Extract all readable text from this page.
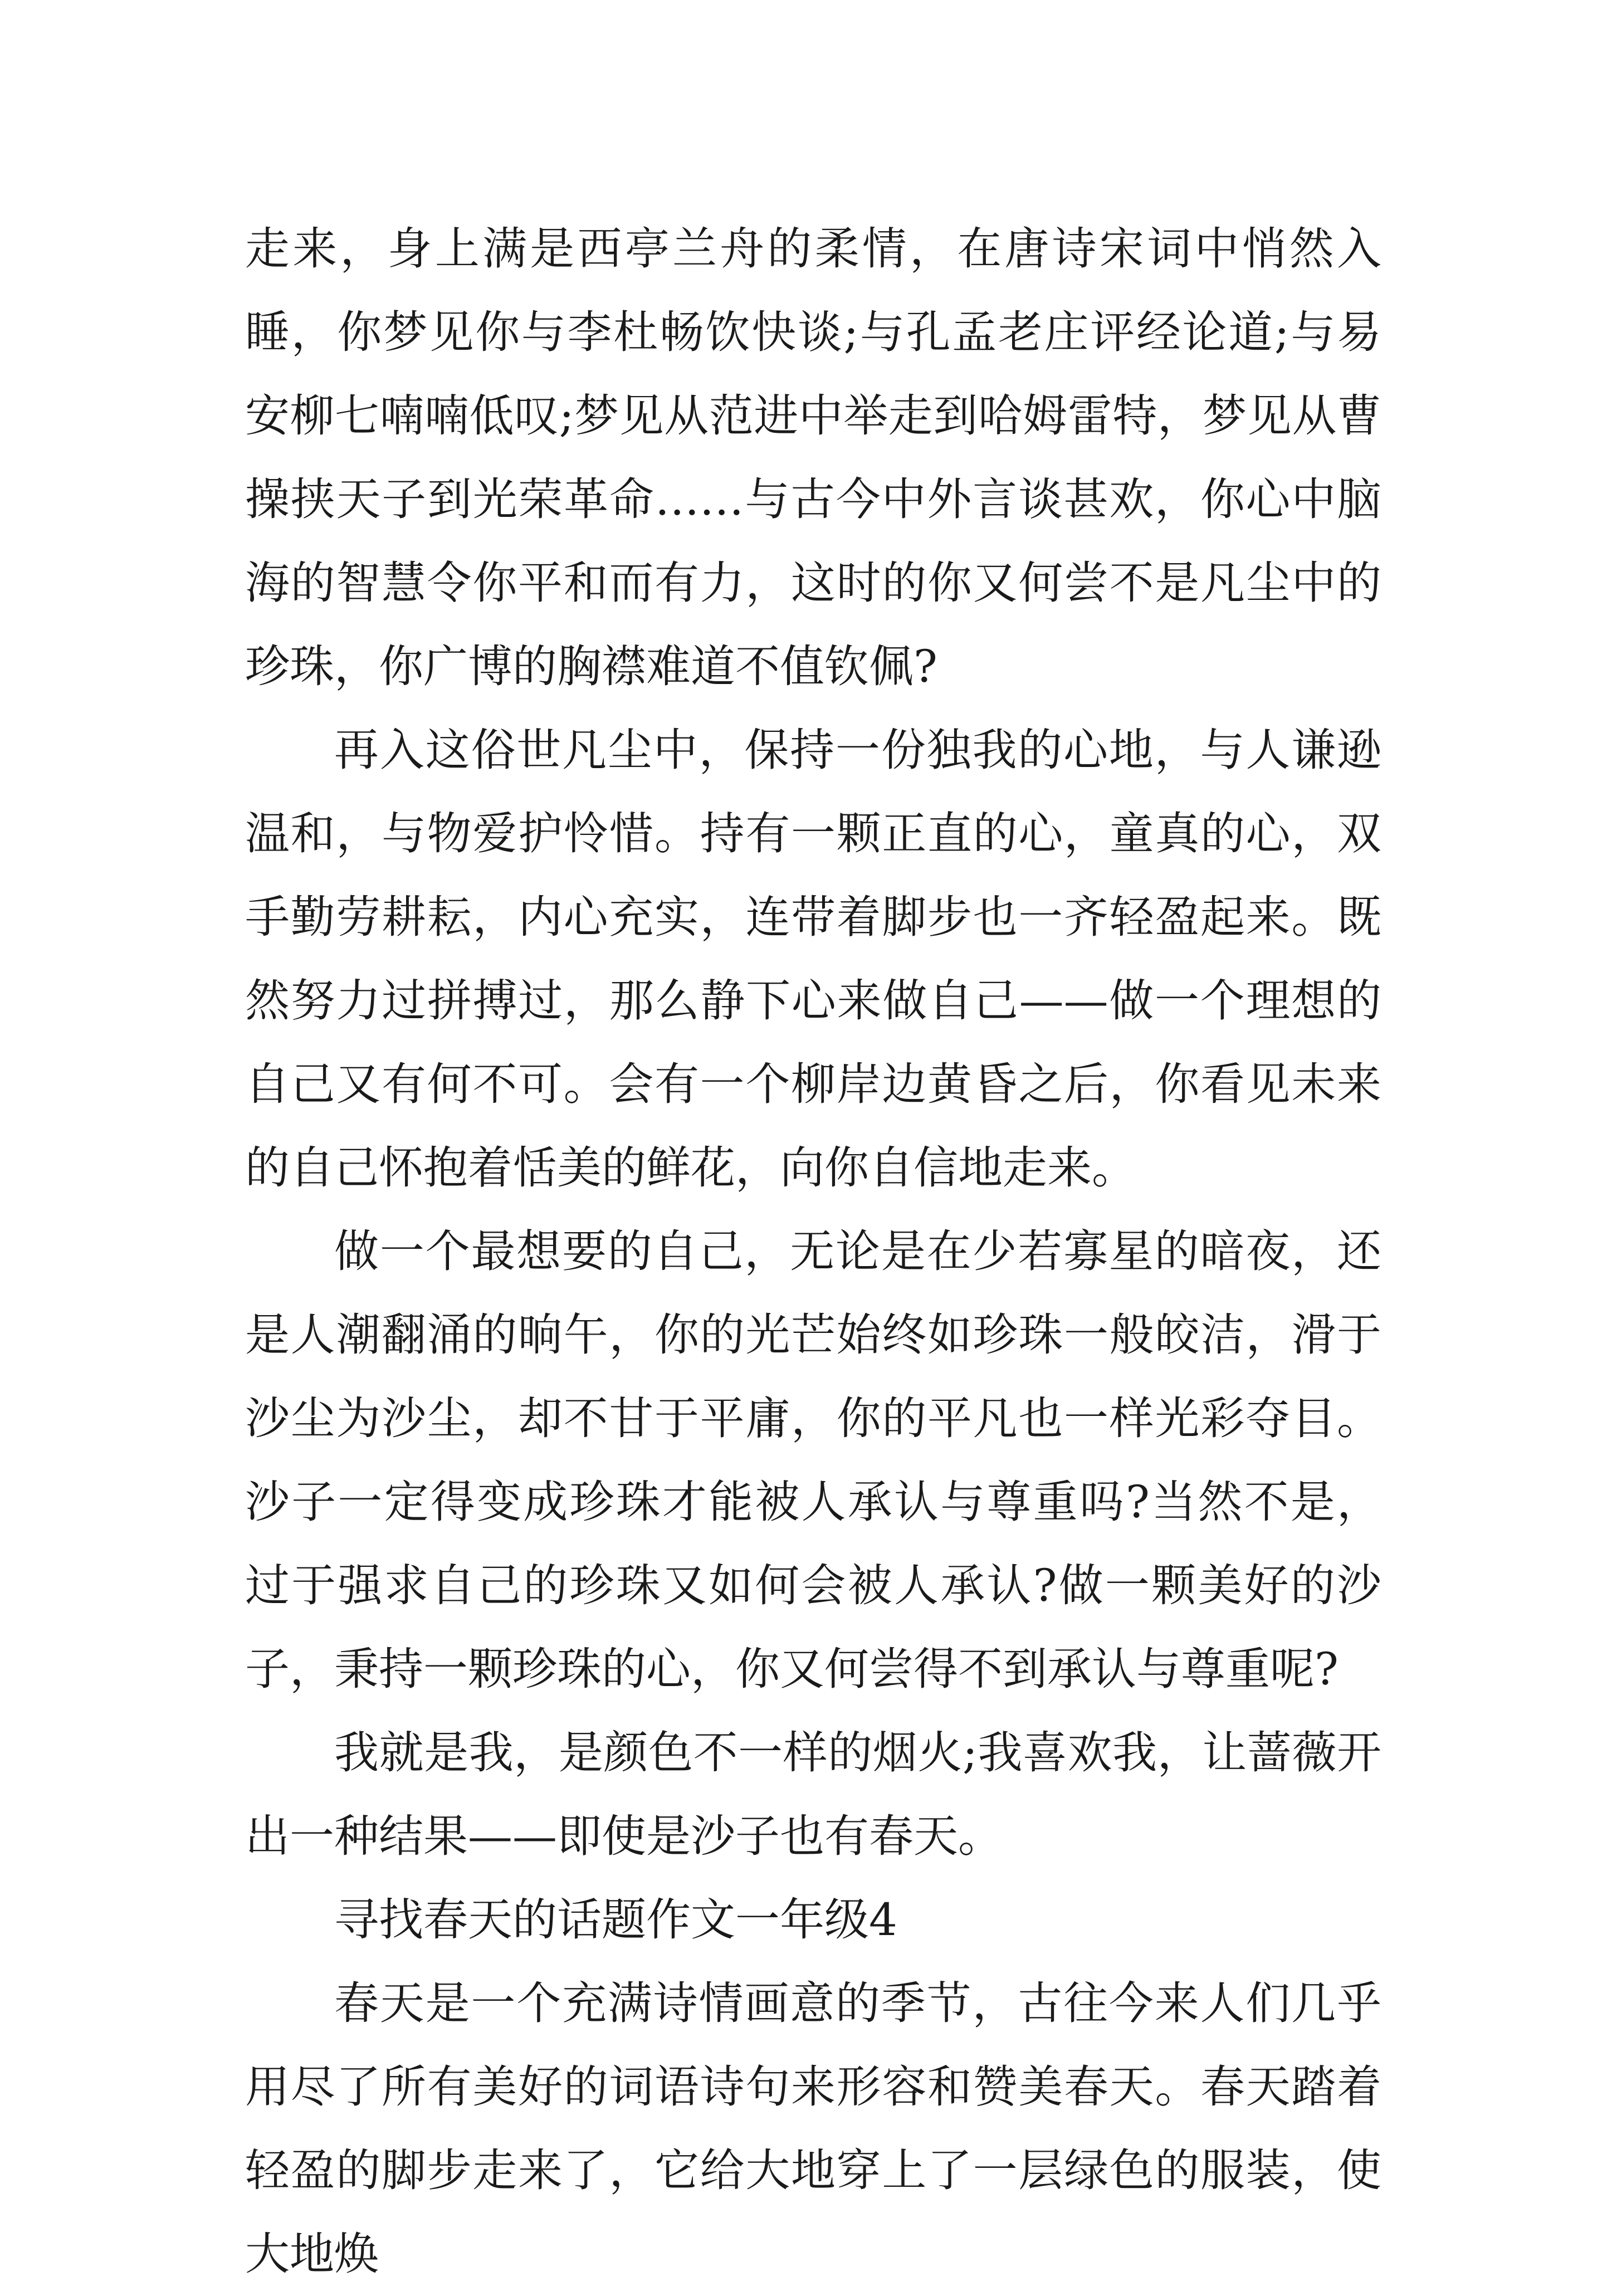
走来，身上满是西亭兰舟的柔情，在唐诗宋词中悄然入睡，你梦见你与李杜畅饮快谈;与孔孟老庄评经论道;与易安柳七喃喃低叹;梦见从范进中举走到哈姆雷特，梦见从曹操挟天子到光荣革命……与古今中外言谈甚欢，你心中脑海的智慧令你平和而有力，这时的你又何尝不是凡尘中的珍珠，你广博的胸襟难道不值钦佩?

再入这俗世凡尘中，保持一份独我的心地，与人谦逊温和，与物爱护怜惜。持有一颗正直的心，童真的心，双手勤劳耕耘，内心充实，连带着脚步也一齐轻盈起来。既然努力过拼搏过，那么静下心来做自己——做一个理想的自己又有何不可。会有一个柳岸边黄昏之后，你看见未来的自己怀抱着恬美的鲜花，向你自信地走来。

做一个最想要的自己，无论是在少若寡星的暗夜，还是人潮翻涌的晌午，你的光芒始终如珍珠一般皎洁，滑于沙尘为沙尘，却不甘于平庸，你的平凡也一样光彩夺目。沙子一定得变成珍珠才能被人承认与尊重吗?当然不是，过于强求自己的珍珠又如何会被人承认?做一颗美好的沙子，秉持一颗珍珠的心，你又何尝得不到承认与尊重呢?

我就是我，是颜色不一样的烟火;我喜欢我，让蔷薇开出一种结果——即使是沙子也有春天。

寻找春天的话题作文一年级4

春天是一个充满诗情画意的季节，古往今来人们几乎用尽了所有美好的词语诗句来形容和赞美春天。春天踏着轻盈的脚步走来了，它给大地穿上了一层绿色的服装，使大地焕
